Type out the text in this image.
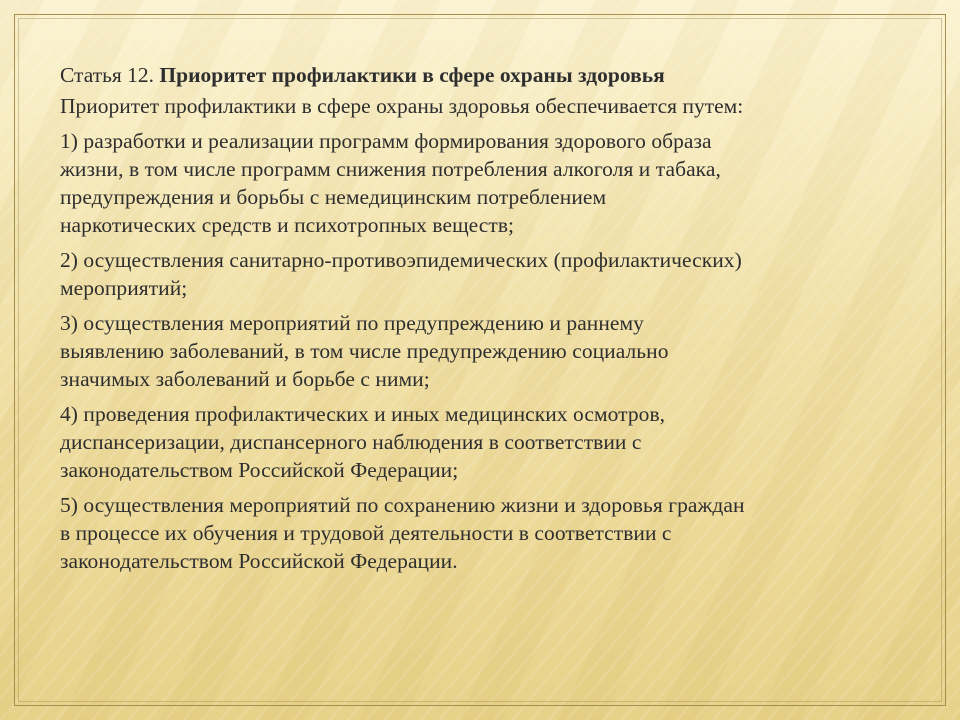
Статья 12. Приоритет профилактики в сфере охраны здоровья

Приоритет профилактики в сфере охраны здоровья обеспечивается путем:

1) разработки и реализации программ формирования здорового образа
жизни, в том числе программ снижения потребления алкоголя и табака,
предупреждения и борьбы с немедицинским потреблением
наркотических средств и психотропных веществ;
2) осуществления санитарно-противоэпидемических (профилактических)
мероприятий;
3) осуществления мероприятий по предупреждению и раннему
выявлению заболеваний, в том числе предупреждению социально
значимых заболеваний и борьбе с ними;
4) проведения профилактических и иных медицинских осмотров,
диспансеризации, диспансерного наблюдения в соответствии с
законодательством Российской Федерации;
5) осуществления мероприятий по сохранению жизни и здоровья граждан
в процессе их обучения и трудовой деятельности в соответствии с
законодательством Российской Федерации.
